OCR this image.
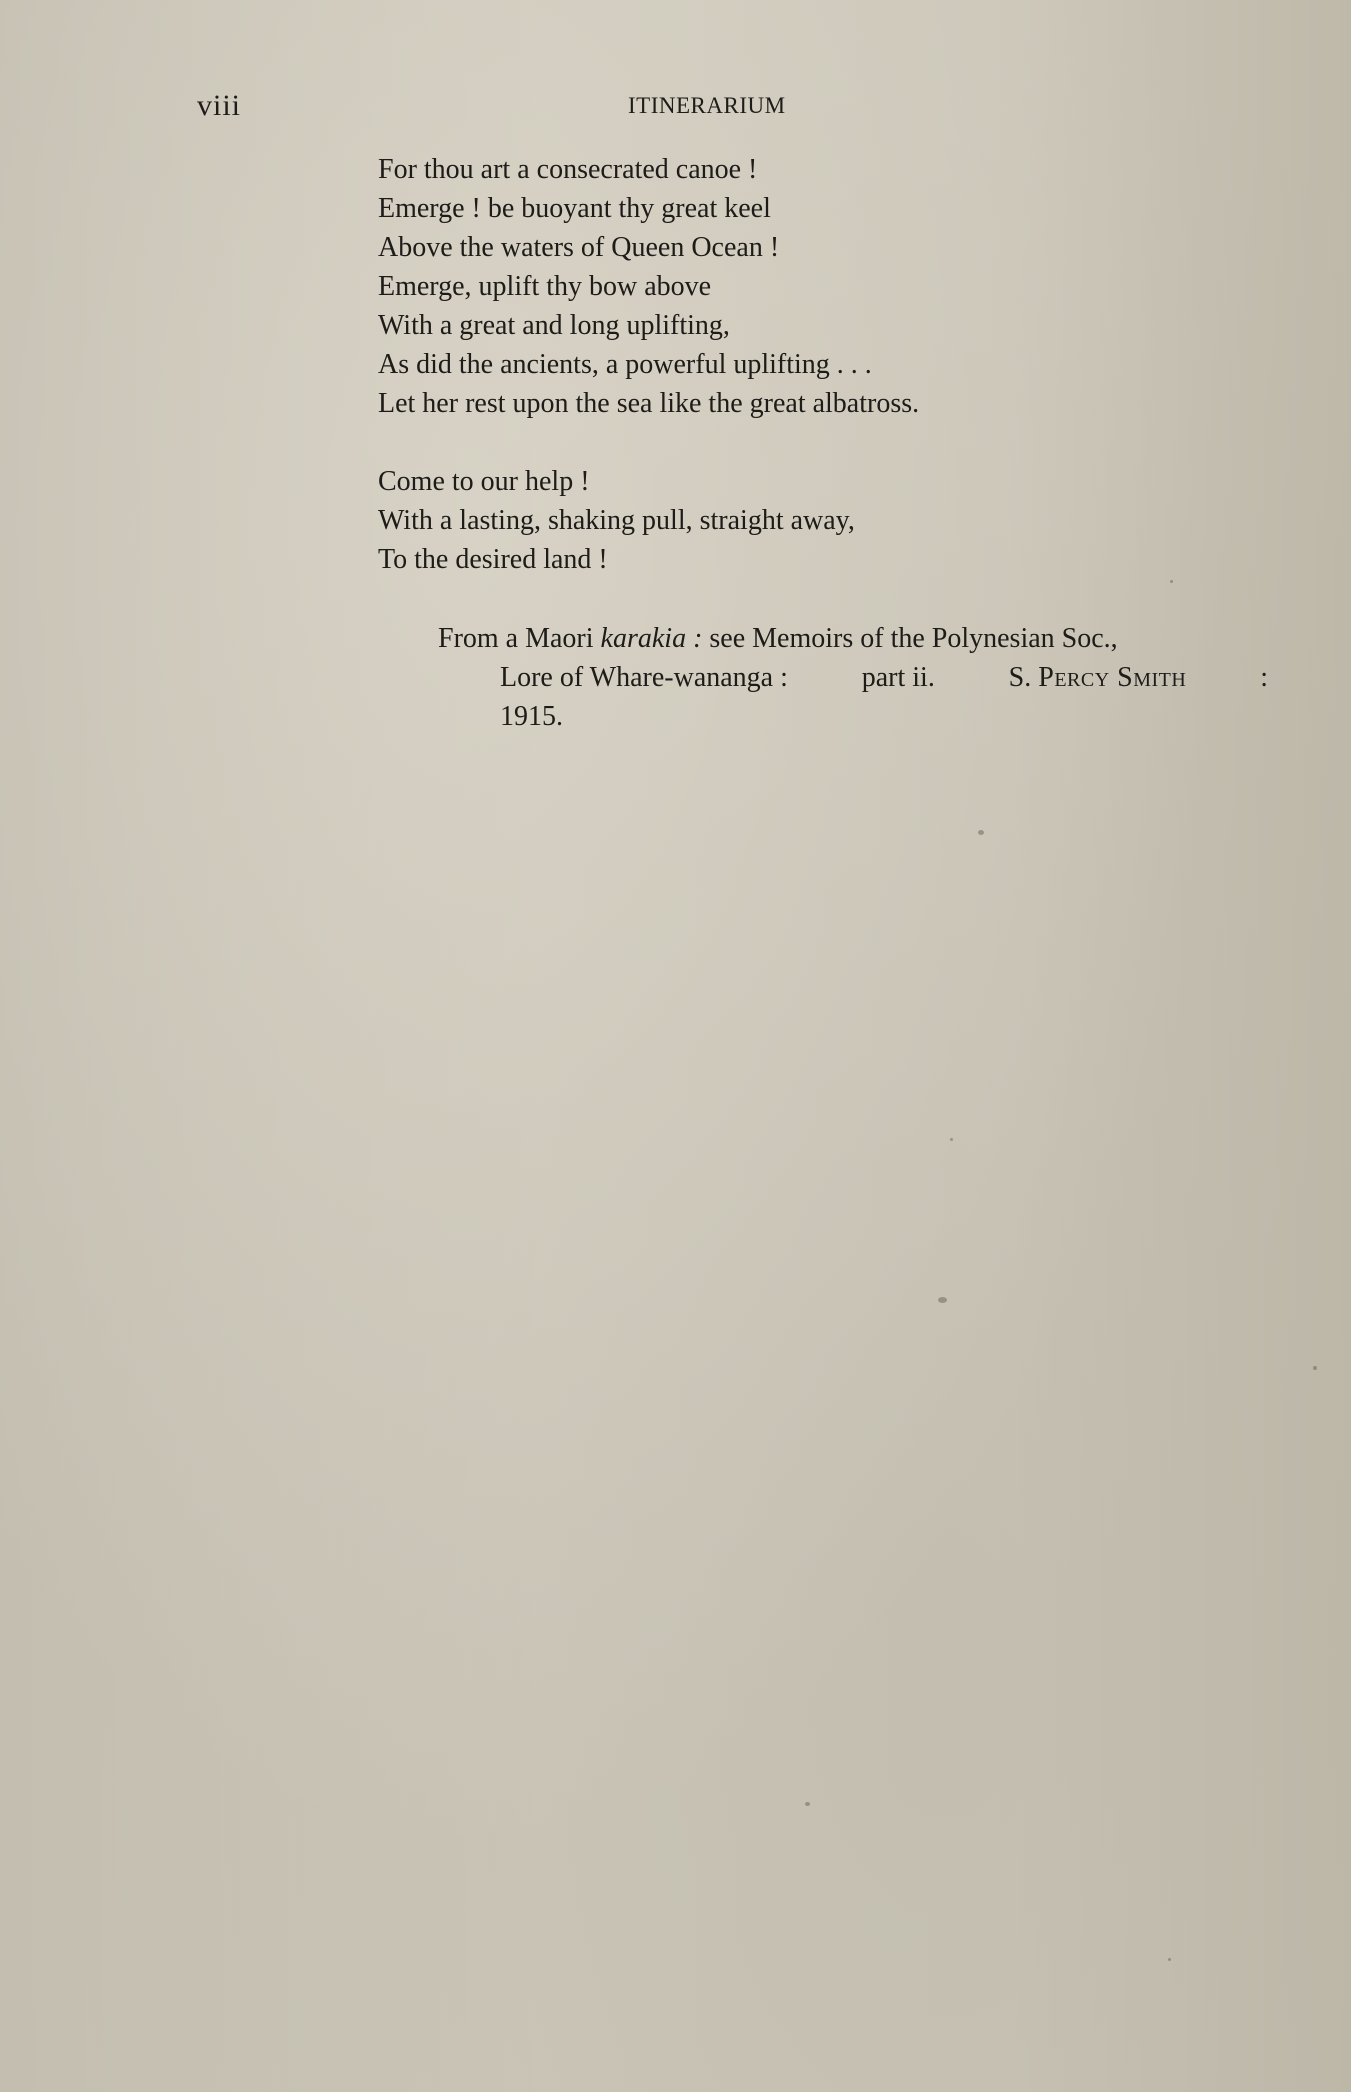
viii	ITINERARIUM
For thou art a consecrated canoe !
Emerge ! be buoyant thy great keel
Above the waters of Queen Ocean !
Emerge, uplift thy bow above
With a great and long uplifting,
As did the ancients, a powerful uplifting . . .
Let her rest upon the sea like the great albatross.
Come to our help !
With a lasting, shaking pull, straight away,
To the desired land !
From a Maori karakia : see Memoirs of the Polynesian Soc.,
Lore of Whare-wananga :	part ii.	S. Percy Smith	:
1915.
